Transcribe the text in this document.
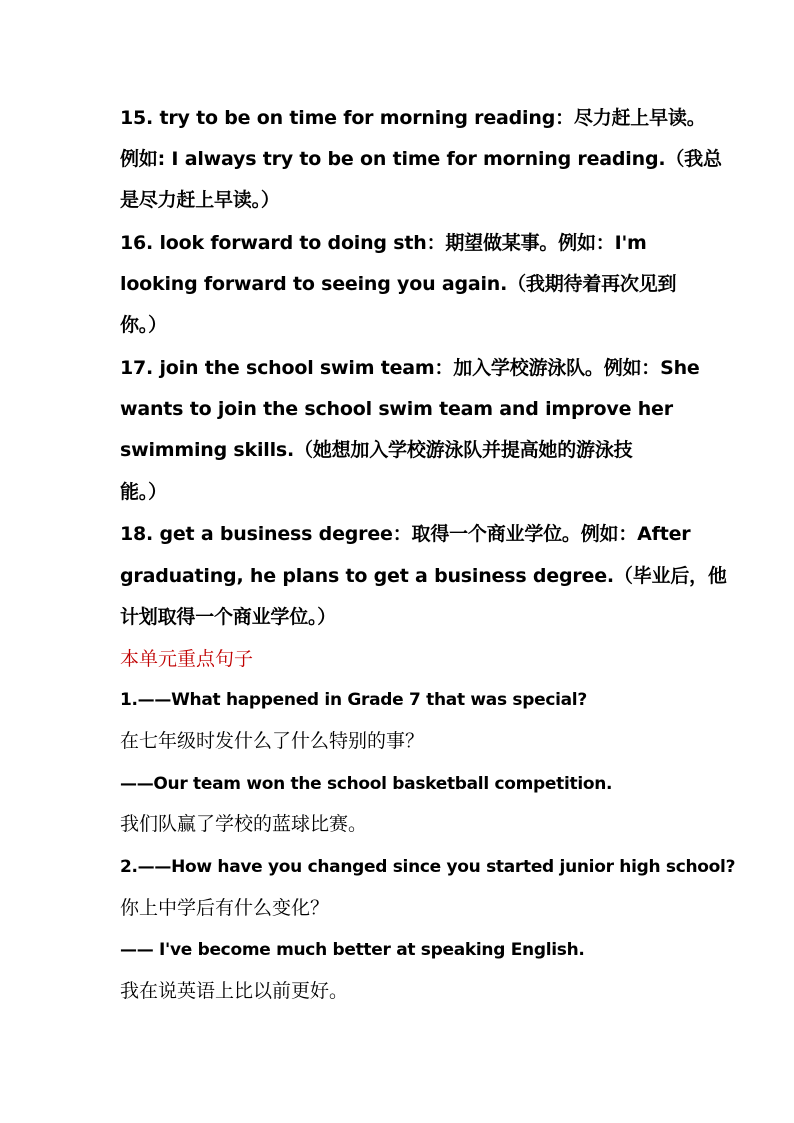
15. try to be on time for morning reading：尽力赶上早读。
例如: I always try to be on time for morning reading.（我总
是尽力赶上早读。）
16. look forward to doing sth：期望做某事。例如：I'm
looking forward to seeing you again.（我期待着再次见到
你。）
17. join the school swim team：加入学校游泳队。例如：She
wants to join the school swim team and improve her
swimming skills.（她想加入学校游泳队并提高她的游泳技
能。）
18. get a business degree：取得一个商业学位。例如：After
graduating, he plans to get a business degree.（毕业后，他
计划取得一个商业学位。）
本单元重点句子
1.——What happened in Grade 7 that was special?
在七年级时发什么了什么特别的事？
——Our team won the school basketball competition.
我们队赢了学校的蓝球比赛。
2.——How have you changed since you started junior high school?
你上中学后有什么变化？
—— I've become much better at speaking English.
我在说英语上比以前更好。
